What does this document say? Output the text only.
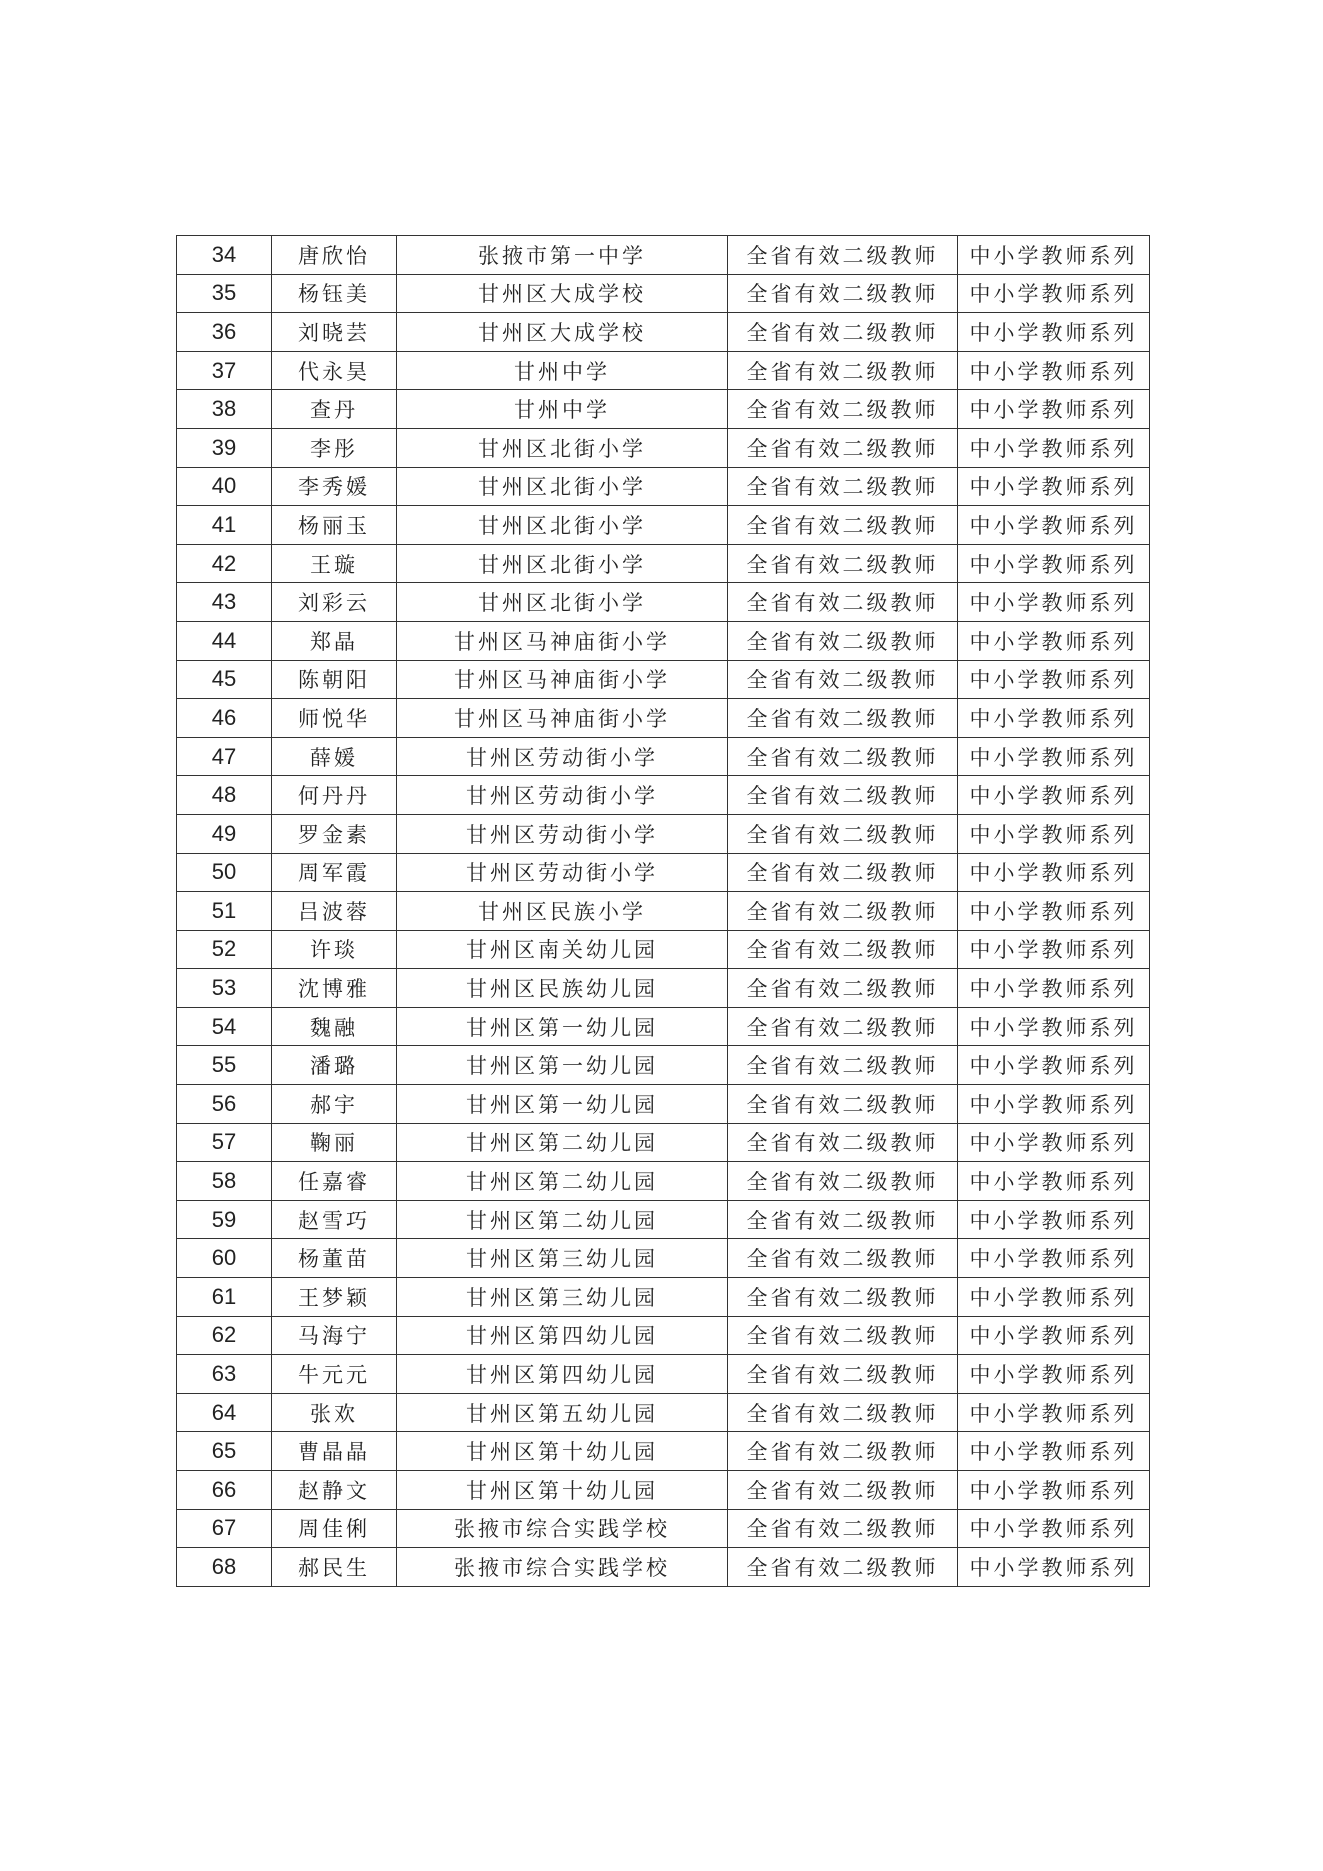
34	唐欣怡	张掖市第一中学	全省有效二级教师	中小学教师系列
35	杨钰美	甘州区大成学校	全省有效二级教师	中小学教师系列
36	刘晓芸	甘州区大成学校	全省有效二级教师	中小学教师系列
37	代永昊	甘州中学	全省有效二级教师	中小学教师系列
38	查丹	甘州中学	全省有效二级教师	中小学教师系列
39	李彤	甘州区北街小学	全省有效二级教师	中小学教师系列
40	李秀媛	甘州区北街小学	全省有效二级教师	中小学教师系列
41	杨丽玉	甘州区北街小学	全省有效二级教师	中小学教师系列
42	王璇	甘州区北街小学	全省有效二级教师	中小学教师系列
43	刘彩云	甘州区北街小学	全省有效二级教师	中小学教师系列
44	郑晶	甘州区马神庙街小学	全省有效二级教师	中小学教师系列
45	陈朝阳	甘州区马神庙街小学	全省有效二级教师	中小学教师系列
46	师悦华	甘州区马神庙街小学	全省有效二级教师	中小学教师系列
47	薛媛	甘州区劳动街小学	全省有效二级教师	中小学教师系列
48	何丹丹	甘州区劳动街小学	全省有效二级教师	中小学教师系列
49	罗金素	甘州区劳动街小学	全省有效二级教师	中小学教师系列
50	周军霞	甘州区劳动街小学	全省有效二级教师	中小学教师系列
51	吕波蓉	甘州区民族小学	全省有效二级教师	中小学教师系列
52	许琰	甘州区南关幼儿园	全省有效二级教师	中小学教师系列
53	沈博雅	甘州区民族幼儿园	全省有效二级教师	中小学教师系列
54	魏融	甘州区第一幼儿园	全省有效二级教师	中小学教师系列
55	潘璐	甘州区第一幼儿园	全省有效二级教师	中小学教师系列
56	郝宇	甘州区第一幼儿园	全省有效二级教师	中小学教师系列
57	鞠丽	甘州区第二幼儿园	全省有效二级教师	中小学教师系列
58	任嘉睿	甘州区第二幼儿园	全省有效二级教师	中小学教师系列
59	赵雪巧	甘州区第二幼儿园	全省有效二级教师	中小学教师系列
60	杨董苗	甘州区第三幼儿园	全省有效二级教师	中小学教师系列
61	王梦颖	甘州区第三幼儿园	全省有效二级教师	中小学教师系列
62	马海宁	甘州区第四幼儿园	全省有效二级教师	中小学教师系列
63	牛元元	甘州区第四幼儿园	全省有效二级教师	中小学教师系列
64	张欢	甘州区第五幼儿园	全省有效二级教师	中小学教师系列
65	曹晶晶	甘州区第十幼儿园	全省有效二级教师	中小学教师系列
66	赵静文	甘州区第十幼儿园	全省有效二级教师	中小学教师系列
67	周佳俐	张掖市综合实践学校	全省有效二级教师	中小学教师系列
68	郝民生	张掖市综合实践学校	全省有效二级教师	中小学教师系列
